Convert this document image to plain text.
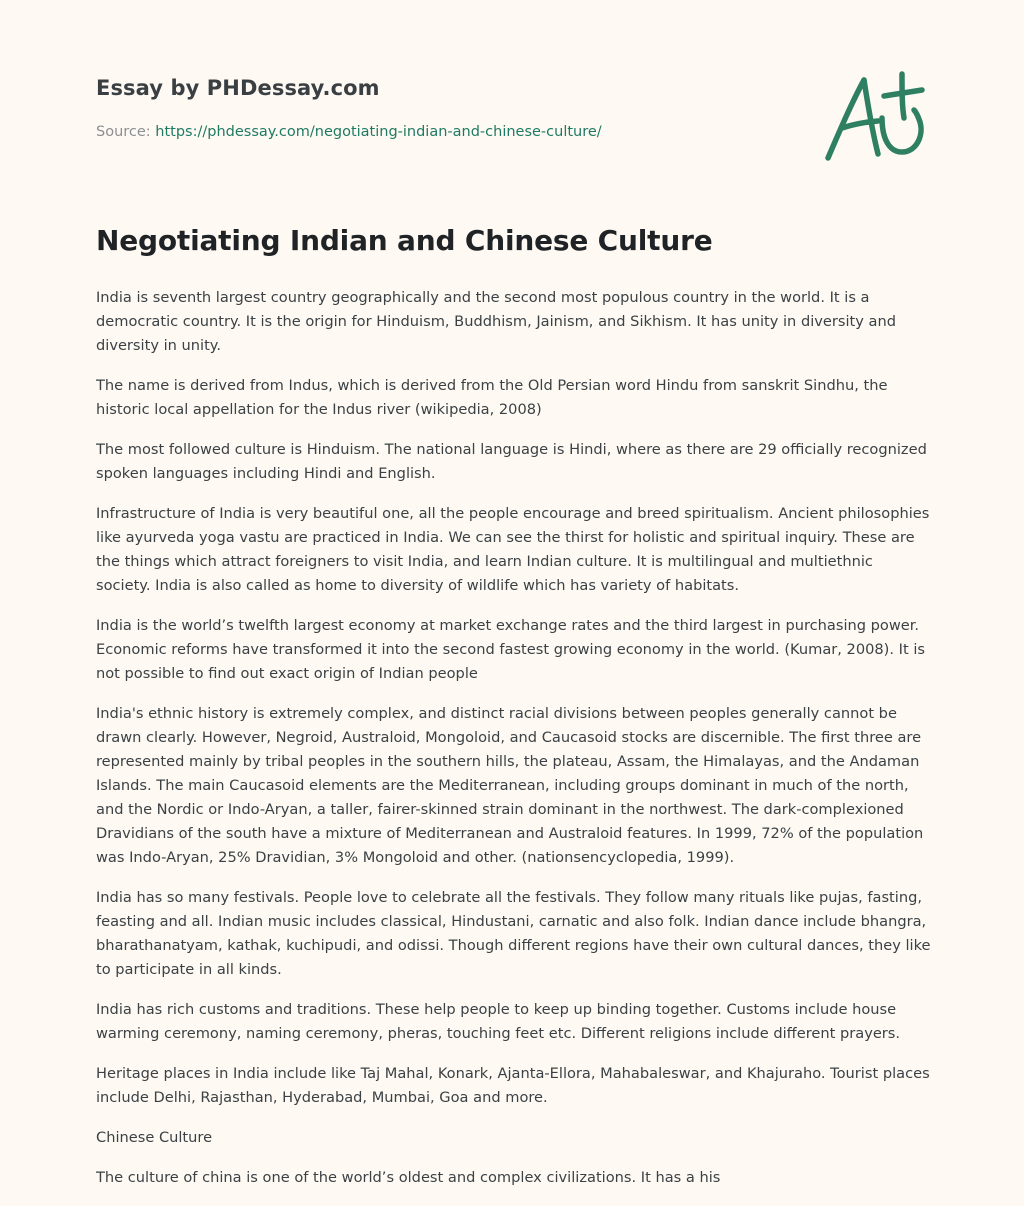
Essay by PHDessay.com
Source: https://phdessay.com/negotiating-indian-and-chinese-culture/
Negotiating Indian and Chinese Culture

India is seventh largest country geographically and the second most populous country in the world. It is a democratic country. It is the origin for Hinduism, Buddhism, Jainism, and Sikhism. It has unity in diversity and diversity in unity.

The name is derived from Indus, which is derived from the Old Persian word Hindu from sanskrit Sindhu, the historic local appellation for the Indus river (wikipedia, 2008)

The most followed culture is Hinduism. The national language is Hindi, where as there are 29 officially recognized spoken languages including Hindi and English.

Infrastructure of India is very beautiful one, all the people encourage and breed spiritualism. Ancient philosophies like ayurveda yoga vastu are practiced in India. We can see the thirst for holistic and spiritual inquiry. These are the things which attract foreigners to visit India, and learn Indian culture. It is multilingual and multiethnic society. India is also called as home to diversity of wildlife which has variety of habitats.

India is the world’s twelfth largest economy at market exchange rates and the third largest in purchasing power. Economic reforms have transformed it into the second fastest growing economy in the world. (Kumar, 2008). It is not possible to find out exact origin of Indian people

India's ethnic history is extremely complex, and distinct racial divisions between peoples generally cannot be drawn clearly. However, Negroid, Australoid, Mongoloid, and Caucasoid stocks are discernible. The first three are represented mainly by tribal peoples in the southern hills, the plateau, Assam, the Himalayas, and the Andaman Islands. The main Caucasoid elements are the Mediterranean, including groups dominant in much of the north, and the Nordic or Indo-Aryan, a taller, fairer-skinned strain dominant in the northwest. The dark-complexioned Dravidians of the south have a mixture of Mediterranean and Australoid features. In 1999, 72% of the population was Indo-Aryan, 25% Dravidian, 3% Mongoloid and other. (nationsencyclopedia, 1999).

India has so many festivals. People love to celebrate all the festivals. They follow many rituals like pujas, fasting, feasting and all. Indian music includes classical, Hindustani, carnatic and also folk. Indian dance include bhangra, bharathanatyam, kathak, kuchipudi, and odissi. Though different regions have their own cultural dances, they like to participate in all kinds.

India has rich customs and traditions. These help people to keep up binding together. Customs include house warming ceremony, naming ceremony, pheras, touching feet etc. Different religions include different prayers.

Heritage places in India include like Taj Mahal, Konark, Ajanta-Ellora, Mahabaleswar, and Khajuraho. Tourist places include Delhi, Rajasthan, Hyderabad, Mumbai, Goa and more.

Chinese Culture

The culture of china is one of the world’s oldest and complex civilizations. It has a his
